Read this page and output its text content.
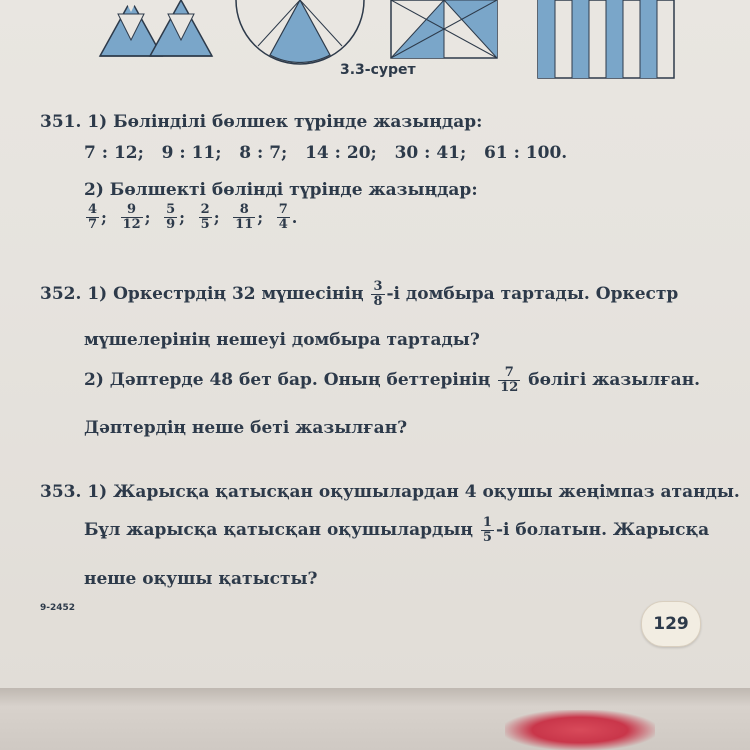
3.3-сурет
351. 1) Бөлінділі бөлшек түрінде жазыңдар:
7 : 12; 9 : 11; 8 : 7; 14 : 20; 30 : 41; 61 : 100.
2) Бөлшекті бөлінді түрінде жазыңдар:
$\frac{4}{7}$ ; $\frac{9}{12}$ ; $\frac{5}{9}$ ; $\frac{2}{5}$ ; $\frac{8}{11}$ ; $\frac{7}{4}$ .
352. 1) Оркестрдің 32 мүшесінің $\frac{3}{8} -і$ домбыра тартады. Оркестр
мүшелерінің нешеуі домбыра тартады?
2) Дәптерде 48 бет бар. Оның беттерінің $\frac{7}{12}$ бөлігі жазылған.
Дәптердің неше беті жазылған?
353. 1) Жарысқа қатысқан оқушылардан 4 оқушы жеңімпаз атанды.
Бұл жарысқа қатысқан оқушылардың $\frac{1}{5} -і$ болатын. Жарысқа
неше оқушы қатысты?
9-2452
129
